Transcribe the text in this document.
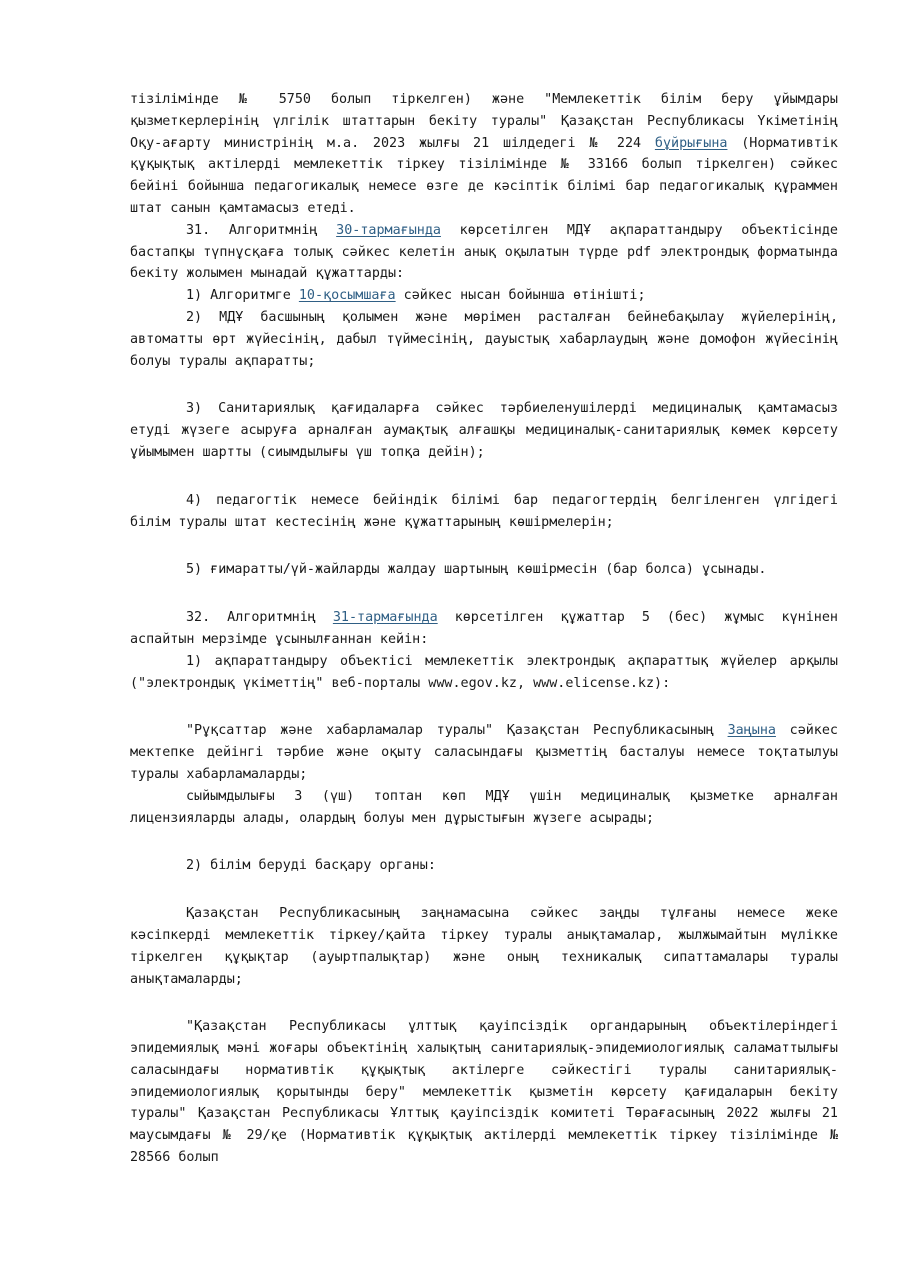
тізілімінде № 5750 болып тіркелген) және "Мемлекеттік білім беру ұйымдары қызметкерлерінің үлгілік штаттарын бекіту туралы" Қазақстан Республикасы Үкіметінің Оқу-ағарту министрінің м.а. 2023 жылғы 21 шілдедегі № 224 бұйрығына (Нормативтік құқықтық актілерді мемлекеттік тіркеу тізілімінде № 33166 болып тіркелген) сәйкес бейіні бойынша педагогикалық немесе өзге де кәсіптік білімі бар педагогикалық құраммен штат санын қамтамасыз етеді.

31. Алгоритмнің 30-тармағында көрсетілген МДҰ ақпараттандыру объектісінде бастапқы түпнұсқаға толық сәйкес келетін анық оқылатын түрде pdf электрондық форматында бекіту жолымен мынадай құжаттарды:

1) Алгоритмге 10-қосымшаға сәйкес нысан бойынша өтінішті;

2) МДҰ басшының қолымен және мөрімен расталған бейнебақылау жүйелерінің, автоматты өрт жүйесінің, дабыл түймесінің, дауыстық хабарлаудың және домофон жүйесінің болуы туралы ақпаратты;

3) Санитариялық қағидаларға сәйкес тәрбиеленушілерді медициналық қамтамасыз етуді жүзеге асыруға арналған аумақтық алғашқы медициналық-санитариялық көмек көрсету ұйымымен шартты (сиымдылығы үш топқа дейін);

4) педагогтік немесе бейіндік білімі бар педагогтердің белгіленген үлгідегі білім туралы штат кестесінің және құжаттарының көшірмелерін;

5) ғимаратты/үй-жайларды жалдау шартының көшірмесін (бар болса) ұсынады.

32. Алгоритмнің 31-тармағында көрсетілген құжаттар 5 (бес) жұмыс күнінен аспайтын мерзімде ұсынылғаннан кейін:

1) ақпараттандыру объектісі мемлекеттік электрондық ақпараттық жүйелер арқылы ("электрондық үкіметтің" веб-порталы www.egov.kz, www.elicense.kz):

"Рұқсаттар және хабарламалар туралы" Қазақстан Республикасының Заңына сәйкес мектепке дейінгі тәрбие және оқыту саласындағы қызметтің басталуы немесе тоқтатылуы туралы хабарламаларды;

сыйымдылығы 3 (үш) топтан көп МДҰ үшін медициналық қызметке арналған лицензияларды алады, олардың болуы мен дұрыстығын жүзеге асырады;

2) білім беруді басқару органы:

Қазақстан Республикасының заңнамасына сәйкес заңды тұлғаны немесе жеке кәсіпкерді мемлекеттік тіркеу/қайта тіркеу туралы анықтамалар, жылжымайтын мүлікке тіркелген құқықтар (ауыртпалықтар) және оның техникалық сипаттамалары туралы анықтамаларды;

"Қазақстан Республикасы ұлттық қауіпсіздік органдарының объектілеріндегі эпидемиялық мәні жоғары объектінің халықтың санитариялық-эпидемиологиялық саламаттылығы саласындағы нормативтік құқықтық актілерге сәйкестігі туралы санитариялық-эпидемиологиялық қорытынды беру" мемлекеттік қызметін көрсету қағидаларын бекіту туралы" Қазақстан Республикасы Ұлттық қауіпсіздік комитеті Төрағасының 2022 жылғы 21 маусымдағы № 29/қе (Нормативтік құқықтық актілерді мемлекеттік тіркеу тізілімінде № 28566 болып
